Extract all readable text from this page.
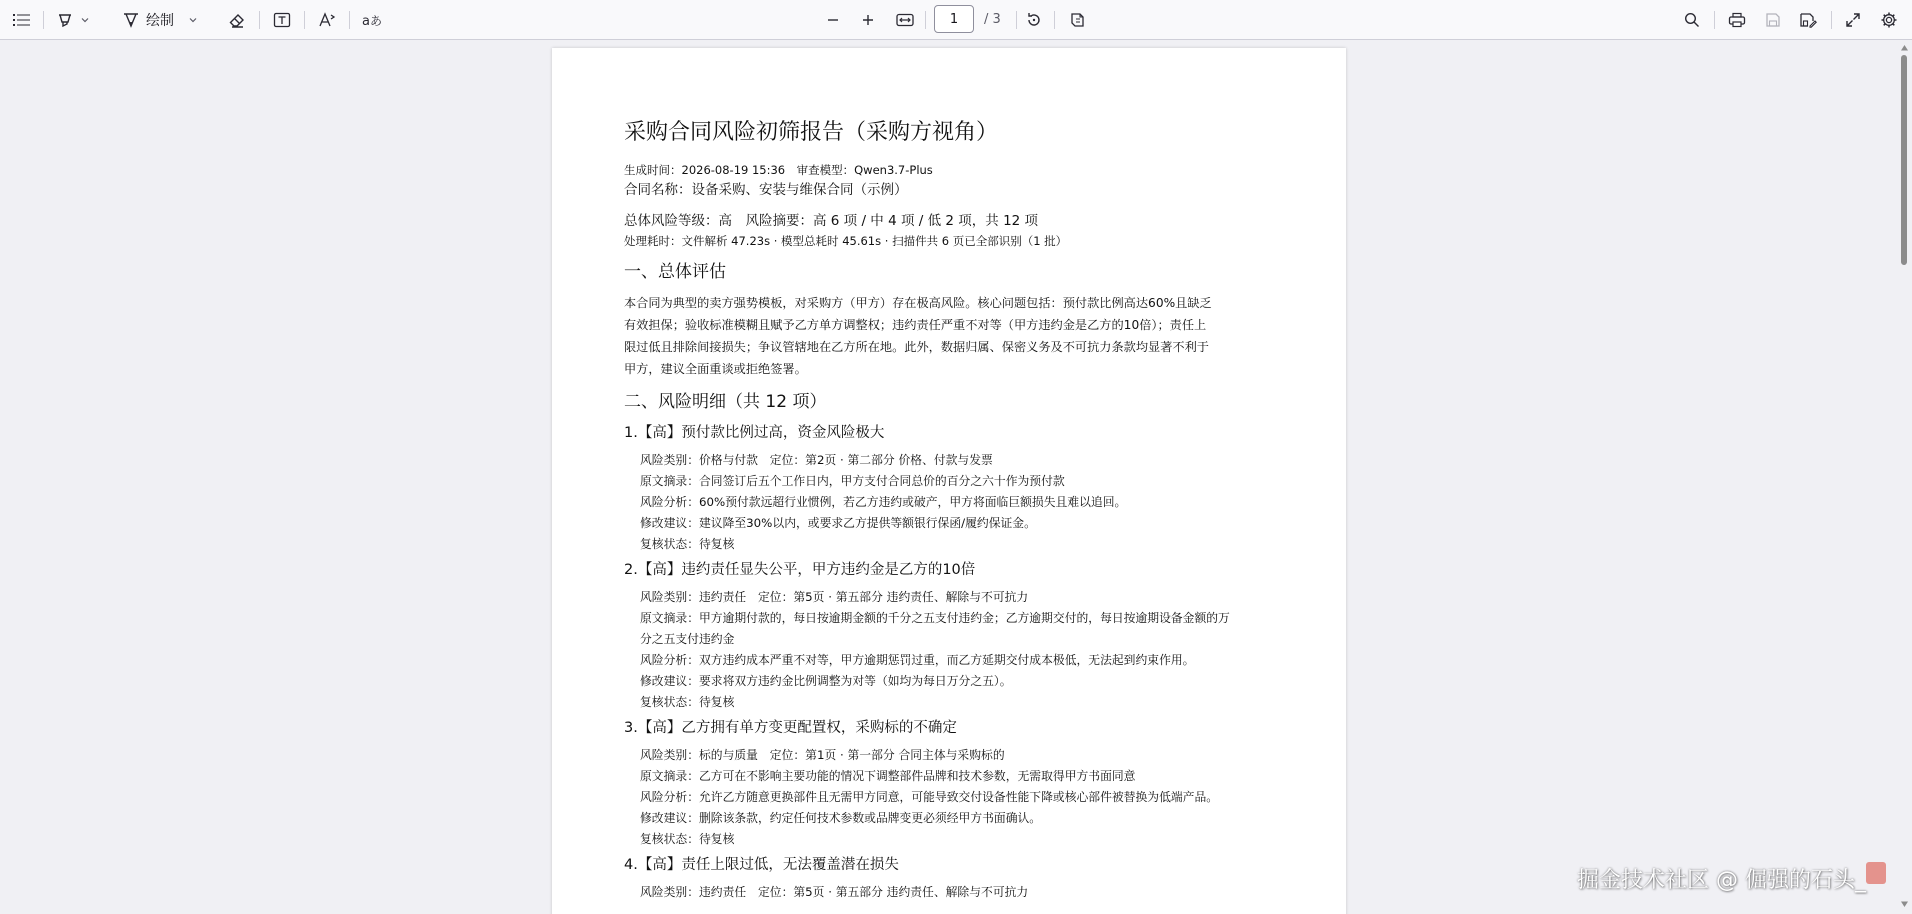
绘制	a あ
1	/ 3
采购合同风险初筛报告（采购方视角）
生成时间：2026-08-19 15:36　审查模型：Qwen3.7-Plus
合同名称：设备采购、安装与维保合同（示例）
总体风险等级：高　风险摘要：高 6 项 / 中 4 项 / 低 2 项，共 12 项
处理耗时：文件解析 47.23s · 模型总耗时 45.61s · 扫描件共 6 页已全部识别（1 批）
一、总体评估
本合同为典型的卖方强势模板，对采购方（甲方）存在极高风险。核心问题包括：预付款比例高达60%且缺乏
有效担保；验收标准模糊且赋予乙方单方调整权；违约责任严重不对等（甲方违约金是乙方的10倍）；责任上
限过低且排除间接损失；争议管辖地在乙方所在地。此外，数据归属、保密义务及不可抗力条款均显著不利于
甲方，建议全面重谈或拒绝签署。
二、风险明细（共 12 项）
1.【高】预付款比例过高，资金风险极大
风险类别：价格与付款　定位：第2页 · 第二部分 价格、付款与发票
原文摘录：合同签订后五个工作日内，甲方支付合同总价的百分之六十作为预付款
风险分析：60%预付款远超行业惯例，若乙方违约或破产，甲方将面临巨额损失且难以追回。
修改建议：建议降至30%以内，或要求乙方提供等额银行保函/履约保证金。
复核状态：待复核
2.【高】违约责任显失公平，甲方违约金是乙方的10倍
风险类别：违约责任　定位：第5页 · 第五部分 违约责任、解除与不可抗力
原文摘录：甲方逾期付款的，每日按逾期金额的千分之五支付违约金；乙方逾期交付的，每日按逾期设备金额的万
分之五支付违约金
风险分析：双方违约成本严重不对等，甲方逾期惩罚过重，而乙方延期交付成本极低，无法起到约束作用。
修改建议：要求将双方违约金比例调整为对等（如均为每日万分之五）。
复核状态：待复核
3.【高】乙方拥有单方变更配置权，采购标的不确定
风险类别：标的与质量　定位：第1页 · 第一部分 合同主体与采购标的
原文摘录：乙方可在不影响主要功能的情况下调整部件品牌和技术参数，无需取得甲方书面同意
风险分析：允许乙方随意更换部件且无需甲方同意，可能导致交付设备性能下降或核心部件被替换为低端产品。
修改建议：删除该条款，约定任何技术参数或品牌变更必须经甲方书面确认。
复核状态：待复核
4.【高】责任上限过低，无法覆盖潜在损失
风险类别：违约责任　定位：第5页 · 第五部分 违约责任、解除与不可抗力	掘金技术社区 @ 倔强的石头_
